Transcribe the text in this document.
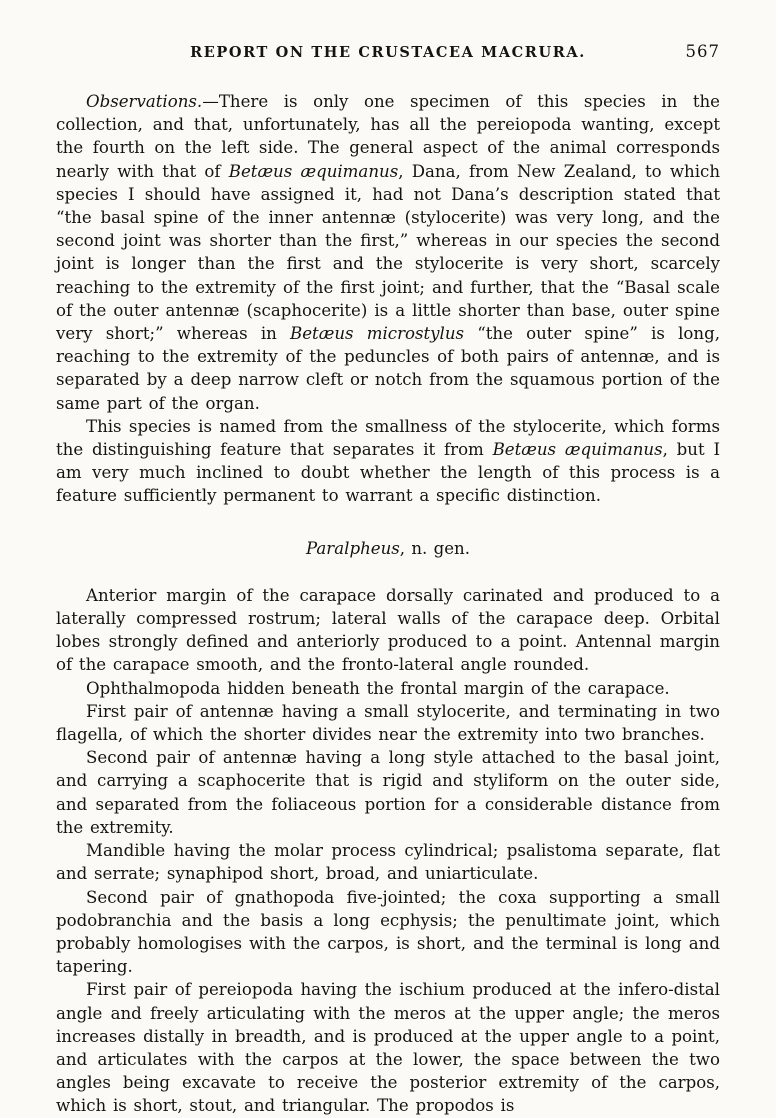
REPORT ON THE CRUSTACEA MACRURA.	567

Observations.—There is only one specimen of this species in the collection, and that, unfortunately, has all the pereiopoda wanting, except the fourth on the left side. The general aspect of the animal corresponds nearly with that of Betæus æquimanus, Dana, from New Zealand, to which species I should have assigned it, had not Dana’s description stated that “the basal spine of the inner antennæ (stylocerite) was very long, and the second joint was shorter than the first,” whereas in our species the second joint is longer than the first and the stylocerite is very short, scarcely reaching to the extremity of the first joint; and further, that the “Basal scale of the outer antennæ (scaphocerite) is a little shorter than base, outer spine very short;” whereas in Betæus microstylus “the outer spine” is long, reaching to the extremity of the peduncles of both pairs of antennæ, and is separated by a deep narrow cleft or notch from the squamous portion of the same part of the organ.

This species is named from the smallness of the stylocerite, which forms the distinguishing feature that separates it from Betæus æquimanus, but I am very much inclined to doubt whether the length of this process is a feature sufficiently permanent to warrant a specific distinction.

Paralpheus, n. gen.

Anterior margin of the carapace dorsally carinated and produced to a laterally compressed rostrum; lateral walls of the carapace deep. Orbital lobes strongly defined and anteriorly produced to a point. Antennal margin of the carapace smooth, and the fronto-lateral angle rounded.

Ophthalmopoda hidden beneath the frontal margin of the carapace.

First pair of antennæ having a small stylocerite, and terminating in two flagella, of which the shorter divides near the extremity into two branches.

Second pair of antennæ having a long style attached to the basal joint, and carrying a scaphocerite that is rigid and styliform on the outer side, and separated from the foliaceous portion for a considerable distance from the extremity.

Mandible having the molar process cylindrical; psalistoma separate, flat and serrate; synaphipod short, broad, and uniarticulate.

Second pair of gnathopoda five-jointed; the coxa supporting a small podobranchia and the basis a long ecphysis; the penultimate joint, which probably homologises with the carpos, is short, and the terminal is long and tapering.

First pair of pereiopoda having the ischium produced at the infero-distal angle and freely articulating with the meros at the upper angle; the meros increases distally in breadth, and is produced at the upper angle to a point, and articulates with the carpos at the lower, the space between the two angles being excavate to receive the posterior extremity of the carpos, which is short, stout, and triangular. The propodos is
